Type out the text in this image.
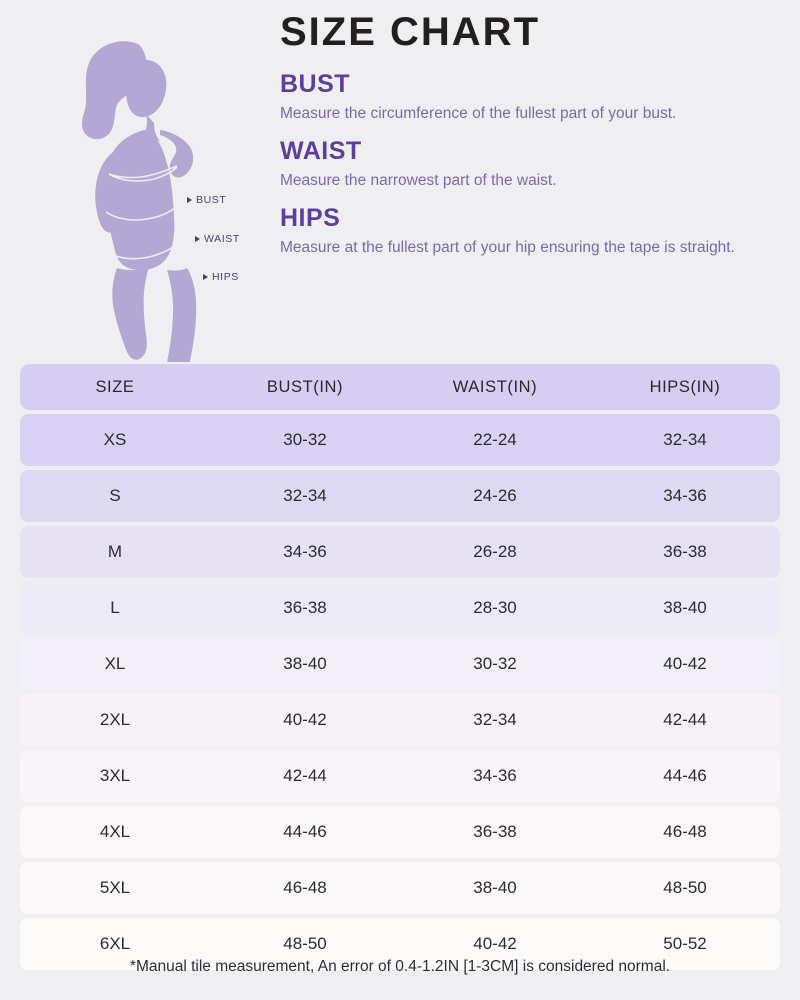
BUST
WAIST
HIPS
SIZE CHART
BUST
Measure the circumference of the fullest part of your bust.
WAIST
Measure the narrowest part of the waist.
HIPS
Measure at the fullest part of your hip ensuring the tape is straight.
SIZE	BUST(IN)	WAIST(IN)	HIPS(IN)
XS	30-32	22-24	32-34
S	32-34	24-26	34-36
M	34-36	26-28	36-38
L	36-38	28-30	38-40
XL	38-40	30-32	40-42
2XL	40-42	32-34	42-44
3XL	42-44	34-36	44-46
4XL	44-46	36-38	46-48
5XL	46-48	38-40	48-50
6XL	48-50	40-42	50-52
*Manual tile measurement, An error of 0.4-1.2IN [1-3CM] is considered normal.
